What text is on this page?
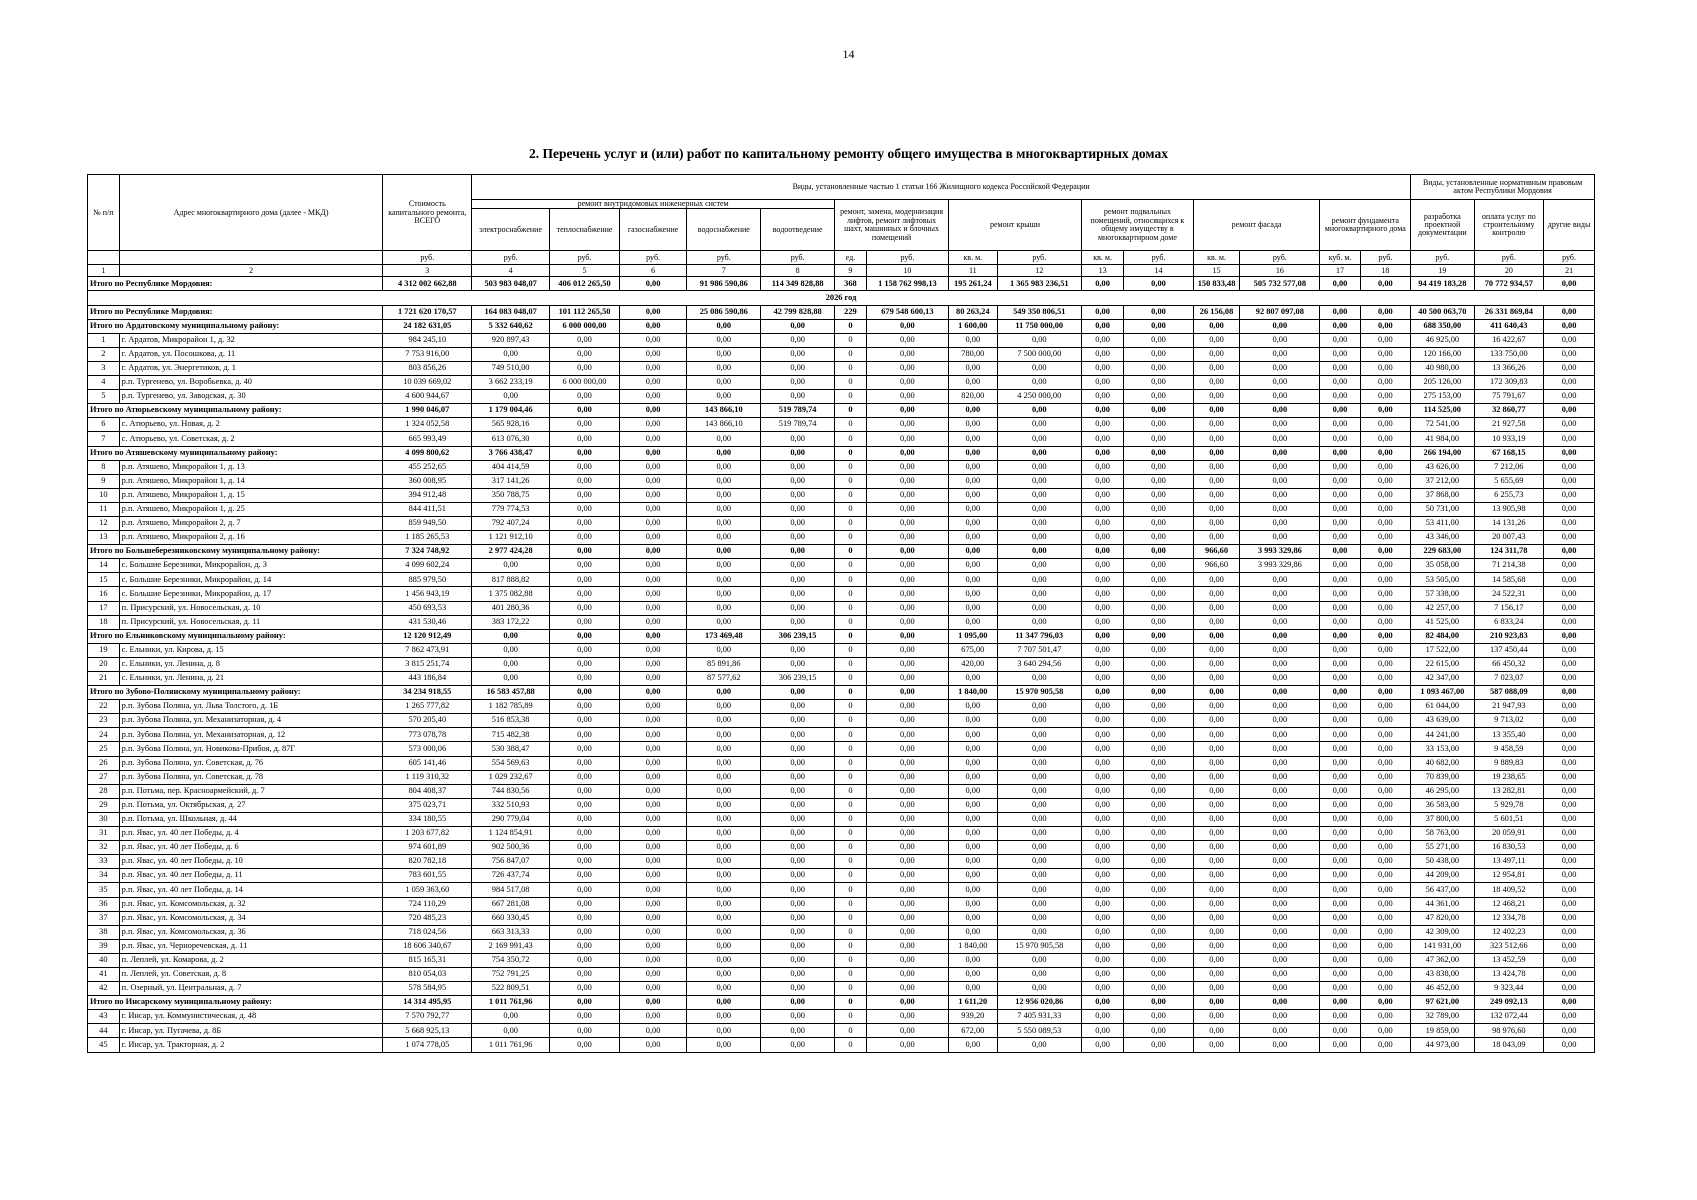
14
2. Перечень услуг и (или) работ по капитальному ремонту общего имущества в многоквартирных домах
№ п/п	Адрес многоквартирного дома (далее - МКД)	Стоимость капитального ремонта, ВСЕГО	Виды, установленные частью 1 статьи 166 Жилищного кодекса Российской Федерации															Виды, установленные нормативным правовым актом Республики Мордовия		
			ремонт внутридомовых инженерных систем					ремонт, замена, модернизация лифтов, ремонт лифтовых шахт, машинных и блочных помещений		ремонт крыши		ремонт подвальных помещений, относящихся к общему имуществу в многоквартирном доме		ремонт фасада		ремонт фундамента многоквартирного дома		разработка проектной документации	оплата услуг по строительному контролю	другие виды
			электроснабжение	теплоснабжение	газоснабжение	водоснабжение	водоотведение													
		руб.	руб.	руб.	руб.	руб.	руб.	ед.	руб.	кв. м.	руб.	кв. м.	руб.	кв. м.	руб.	куб. м.	руб.	руб.	руб.	руб.
1	2	3	4	5	6	7	8	9	10	11	12	13	14	15	16	17	18	19	20	21
Итого по Республике Мордовия:		4 312 002 662,88	503 983 048,07	406 012 265,50	0,00	91 986 590,86	114 349 828,88	368	1 158 762 998,13	195 261,24	1 365 983 236,51	0,00	0,00	150 833,48	505 732 577,08	0,00	0,00	94 419 183,28	70 772 934,57	0,00
2026 год																				
Итого по Республике Мордовия:		1 721 620 170,57	164 083 048,07	101 112 265,50	0,00	25 086 590,86	42 799 828,88	229	679 548 600,13	80 263,24	549 350 806,51	0,00	0,00	26 156,08	92 807 097,08	0,00	0,00	40 500 063,70	26 331 869,84	0,00
Итого по Ардатовскому муниципальному району:		24 182 631,05	5 332 640,62	6 000 000,00	0,00	0,00	0,00	0	0,00	1 600,00	11 750 000,00	0,00	0,00	0,00	0,00	0,00	0,00	688 350,00	411 640,43	0,00
1	г. Ардатов, Микрорайон 1, д. 32	984 245,10	920 897,43	0,00	0,00	0,00	0,00	0	0,00	0,00	0,00	0,00	0,00	0,00	0,00	0,00	0,00	46 925,00	16 422,67	0,00
2	г. Ардатов, ул. Посошкова, д. 11	7 753 916,00	0,00	0,00	0,00	0,00	0,00	0	0,00	780,00	7 500 000,00	0,00	0,00	0,00	0,00	0,00	0,00	120 166,00	133 750,00	0,00
3	г. Ардатов, ул. Энергетиков, д. 1	803 856,26	749 510,00	0,00	0,00	0,00	0,00	0	0,00	0,00	0,00	0,00	0,00	0,00	0,00	0,00	0,00	40 980,00	13 366,26	0,00
4	р.п. Тургенево, ул. Воробьевка, д. 40	10 039 669,02	3 662 233,19	6 000 000,00	0,00	0,00	0,00	0	0,00	0,00	0,00	0,00	0,00	0,00	0,00	0,00	0,00	205 126,00	172 309,83	0,00
5	р.п. Тургенево, ул. Заводская, д. 30	4 600 944,67	0,00	0,00	0,00	0,00	0,00	0	0,00	820,00	4 250 000,00	0,00	0,00	0,00	0,00	0,00	0,00	275 153,00	75 791,67	0,00
Итого по Атюрьевскому муниципальному району:		1 990 046,07	1 179 004,46	0,00	0,00	143 866,10	519 789,74	0	0,00	0,00	0,00	0,00	0,00	0,00	0,00	0,00	0,00	114 525,00	32 860,77	0,00
6	с. Атюрьево, ул. Новая, д. 2	1 324 052,58	565 928,16	0,00	0,00	143 866,10	519 789,74	0	0,00	0,00	0,00	0,00	0,00	0,00	0,00	0,00	0,00	72 541,00	21 927,58	0,00
7	с. Атюрьево, ул. Советская, д. 2	665 993,49	613 076,30	0,00	0,00	0,00	0,00	0	0,00	0,00	0,00	0,00	0,00	0,00	0,00	0,00	0,00	41 984,00	10 933,19	0,00
Итого по Атяшевскому муниципальному району:		4 099 800,62	3 766 438,47	0,00	0,00	0,00	0,00	0	0,00	0,00	0,00	0,00	0,00	0,00	0,00	0,00	0,00	266 194,00	67 168,15	0,00
8	р.п. Атяшево, Микрорайон 1, д. 13	455 252,65	404 414,59	0,00	0,00	0,00	0,00	0	0,00	0,00	0,00	0,00	0,00	0,00	0,00	0,00	0,00	43 626,00	7 212,06	0,00
9	р.п. Атяшево, Микрорайон 1, д. 14	360 008,95	317 141,26	0,00	0,00	0,00	0,00	0	0,00	0,00	0,00	0,00	0,00	0,00	0,00	0,00	0,00	37 212,00	5 655,69	0,00
10	р.п. Атяшево, Микрорайон 1, д. 15	394 912,48	350 788,75	0,00	0,00	0,00	0,00	0	0,00	0,00	0,00	0,00	0,00	0,00	0,00	0,00	0,00	37 868,00	6 255,73	0,00
11	р.п. Атяшево, Микрорайон 1, д. 25	844 411,51	779 774,53	0,00	0,00	0,00	0,00	0	0,00	0,00	0,00	0,00	0,00	0,00	0,00	0,00	0,00	50 731,00	13 905,98	0,00
12	р.п. Атяшево, Микрорайон 2, д. 7	859 949,50	792 407,24	0,00	0,00	0,00	0,00	0	0,00	0,00	0,00	0,00	0,00	0,00	0,00	0,00	0,00	53 411,00	14 131,26	0,00
13	р.п. Атяшево, Микрорайон 2, д. 16	1 185 265,53	1 121 912,10	0,00	0,00	0,00	0,00	0	0,00	0,00	0,00	0,00	0,00	0,00	0,00	0,00	0,00	43 346,00	20 007,43	0,00
Итого по Большеберезниковскому муниципальному району:		7 324 748,92	2 977 424,28	0,00	0,00	0,00	0,00	0	0,00	0,00	0,00	0,00	0,00	966,60	3 993 329,86	0,00	0,00	229 683,00	124 311,78	0,00
14	с. Большие Березники, Микрорайон, д. 3	4 099 602,24	0,00	0,00	0,00	0,00	0,00	0	0,00	0,00	0,00	0,00	0,00	966,60	3 993 329,86	0,00	0,00	35 058,00	71 214,38	0,00
15	с. Большие Березники, Микрорайон, д. 14	885 979,50	817 888,82	0,00	0,00	0,00	0,00	0	0,00	0,00	0,00	0,00	0,00	0,00	0,00	0,00	0,00	53 505,00	14 585,68	0,00
16	с. Большие Березники, Микрорайон, д. 17	1 456 943,19	1 375 082,88	0,00	0,00	0,00	0,00	0	0,00	0,00	0,00	0,00	0,00	0,00	0,00	0,00	0,00	57 338,00	24 522,31	0,00
17	п. Присурский, ул. Новосельская, д. 10	450 693,53	401 280,36	0,00	0,00	0,00	0,00	0	0,00	0,00	0,00	0,00	0,00	0,00	0,00	0,00	0,00	42 257,00	7 156,17	0,00
18	п. Присурский, ул. Новосельская, д. 11	431 530,46	383 172,22	0,00	0,00	0,00	0,00	0	0,00	0,00	0,00	0,00	0,00	0,00	0,00	0,00	0,00	41 525,00	6 833,24	0,00
Итого по Ельниковскому муниципальному району:		12 120 912,49	0,00	0,00	0,00	173 469,48	306 239,15	0	0,00	1 095,00	11 347 796,03	0,00	0,00	0,00	0,00	0,00	0,00	82 484,00	210 923,83	0,00
19	с. Ельники, ул. Кирова, д. 15	7 862 473,91	0,00	0,00	0,00	0,00	0,00	0	0,00	675,00	7 707 501,47	0,00	0,00	0,00	0,00	0,00	0,00	17 522,00	137 450,44	0,00
20	с. Ельники, ул. Ленина, д. 8	3 815 251,74	0,00	0,00	0,00	85 891,86	0,00	0	0,00	420,00	3 640 294,56	0,00	0,00	0,00	0,00	0,00	0,00	22 615,00	66 450,32	0,00
21	с. Ельники, ул. Ленина, д. 21	443 186,84	0,00	0,00	0,00	87 577,62	306 239,15	0	0,00	0,00	0,00	0,00	0,00	0,00	0,00	0,00	0,00	42 347,00	7 023,07	0,00
Итого по Зубово-Полянскому муниципальному району:		34 234 918,55	16 583 457,88	0,00	0,00	0,00	0,00	0	0,00	1 840,00	15 970 905,58	0,00	0,00	0,00	0,00	0,00	0,00	1 093 467,00	587 088,09	0,00
22	р.п. Зубова Поляна, ул. Льва Толстого, д. 1Б	1 265 777,82	1 182 785,89	0,00	0,00	0,00	0,00	0	0,00	0,00	0,00	0,00	0,00	0,00	0,00	0,00	0,00	61 044,00	21 947,93	0,00
23	р.п. Зубова Поляна, ул. Механизаторная, д. 4	570 205,40	516 853,38	0,00	0,00	0,00	0,00	0	0,00	0,00	0,00	0,00	0,00	0,00	0,00	0,00	0,00	43 639,00	9 713,02	0,00
24	р.п. Зубова Поляна, ул. Механизаторная, д. 12	773 078,78	715 482,38	0,00	0,00	0,00	0,00	0	0,00	0,00	0,00	0,00	0,00	0,00	0,00	0,00	0,00	44 241,00	13 355,40	0,00
25	р.п. Зубова Поляна, ул. Новикова-Прибоя, д. 87Г	573 000,06	530 388,47	0,00	0,00	0,00	0,00	0	0,00	0,00	0,00	0,00	0,00	0,00	0,00	0,00	0,00	33 153,00	9 458,59	0,00
26	р.п. Зубова Поляна, ул. Советская, д. 76	605 141,46	554 569,63	0,00	0,00	0,00	0,00	0	0,00	0,00	0,00	0,00	0,00	0,00	0,00	0,00	0,00	40 682,00	9 889,83	0,00
27	р.п. Зубова Поляна, ул. Советская, д. 78	1 119 310,32	1 029 232,67	0,00	0,00	0,00	0,00	0	0,00	0,00	0,00	0,00	0,00	0,00	0,00	0,00	0,00	70 839,00	19 238,65	0,00
28	р.п. Потьма, пер. Красноармейский, д. 7	804 408,37	744 830,56	0,00	0,00	0,00	0,00	0	0,00	0,00	0,00	0,00	0,00	0,00	0,00	0,00	0,00	46 295,00	13 282,81	0,00
29	р.п. Потьма, ул. Октябрьская, д. 27	375 023,71	332 510,93	0,00	0,00	0,00	0,00	0	0,00	0,00	0,00	0,00	0,00	0,00	0,00	0,00	0,00	36 583,00	5 929,78	0,00
30	р.п. Потьма, ул. Школьная, д. 44	334 180,55	290 779,04	0,00	0,00	0,00	0,00	0	0,00	0,00	0,00	0,00	0,00	0,00	0,00	0,00	0,00	37 800,00	5 601,51	0,00
31	р.п. Явас, ул. 40 лет Победы, д. 4	1 203 677,82	1 124 854,91	0,00	0,00	0,00	0,00	0	0,00	0,00	0,00	0,00	0,00	0,00	0,00	0,00	0,00	58 763,00	20 059,91	0,00
32	р.п. Явас, ул. 40 лет Победы, д. 6	974 601,89	902 500,36	0,00	0,00	0,00	0,00	0	0,00	0,00	0,00	0,00	0,00	0,00	0,00	0,00	0,00	55 271,00	16 830,53	0,00
33	р.п. Явас, ул. 40 лет Победы, д. 10	820 782,18	756 847,07	0,00	0,00	0,00	0,00	0	0,00	0,00	0,00	0,00	0,00	0,00	0,00	0,00	0,00	50 438,00	13 497,11	0,00
34	р.п. Явас, ул. 40 лет Победы, д. 11	783 601,55	726 437,74	0,00	0,00	0,00	0,00	0	0,00	0,00	0,00	0,00	0,00	0,00	0,00	0,00	0,00	44 209,00	12 954,81	0,00
35	р.п. Явас, ул. 40 лет Победы, д. 14	1 059 363,60	984 517,08	0,00	0,00	0,00	0,00	0	0,00	0,00	0,00	0,00	0,00	0,00	0,00	0,00	0,00	56 437,00	18 409,52	0,00
36	р.п. Явас, ул. Комсомольская, д. 32	724 110,29	667 281,08	0,00	0,00	0,00	0,00	0	0,00	0,00	0,00	0,00	0,00	0,00	0,00	0,00	0,00	44 361,00	12 468,21	0,00
37	р.п. Явас, ул. Комсомольская, д. 34	720 485,23	660 330,45	0,00	0,00	0,00	0,00	0	0,00	0,00	0,00	0,00	0,00	0,00	0,00	0,00	0,00	47 820,00	12 334,78	0,00
38	р.п. Явас, ул. Комсомольская, д. 36	718 024,56	663 313,33	0,00	0,00	0,00	0,00	0	0,00	0,00	0,00	0,00	0,00	0,00	0,00	0,00	0,00	42 309,00	12 402,23	0,00
39	р.п. Явас, ул. Черноречевская, д. 11	18 606 340,67	2 169 991,43	0,00	0,00	0,00	0,00	0	0,00	1 840,00	15 970 905,58	0,00	0,00	0,00	0,00	0,00	0,00	141 931,00	323 512,66	0,00
40	п. Леплей, ул. Комарова, д. 2	815 165,31	754 350,72	0,00	0,00	0,00	0,00	0	0,00	0,00	0,00	0,00	0,00	0,00	0,00	0,00	0,00	47 362,00	13 452,59	0,00
41	п. Леплей, ул. Советская, д. 8	810 054,03	752 791,25	0,00	0,00	0,00	0,00	0	0,00	0,00	0,00	0,00	0,00	0,00	0,00	0,00	0,00	43 838,00	13 424,78	0,00
42	п. Озерный, ул. Центральная, д. 7	578 584,95	522 809,51	0,00	0,00	0,00	0,00	0	0,00	0,00	0,00	0,00	0,00	0,00	0,00	0,00	0,00	46 452,00	9 323,44	0,00
Итого по Инсарскому муниципальному району:		14 314 495,95	1 011 761,96	0,00	0,00	0,00	0,00	0	0,00	1 611,20	12 956 020,86	0,00	0,00	0,00	0,00	0,00	0,00	97 621,00	249 092,13	0,00
43	г. Инсар, ул. Коммунистическая, д. 48	7 570 792,77	0,00	0,00	0,00	0,00	0,00	0	0,00	939,20	7 405 931,33	0,00	0,00	0,00	0,00	0,00	0,00	32 789,00	132 072,44	0,00
44	г. Инсар, ул. Пугачева, д. 8Б	5 668 925,13	0,00	0,00	0,00	0,00	0,00	0	0,00	672,00	5 550 089,53	0,00	0,00	0,00	0,00	0,00	0,00	19 859,00	98 976,60	0,00
45	г. Инсар, ул. Тракторная, д. 2	1 074 778,05	1 011 761,96	0,00	0,00	0,00	0,00	0	0,00	0,00	0,00	0,00	0,00	0,00	0,00	0,00	0,00	44 973,00	18 043,09	0,00
